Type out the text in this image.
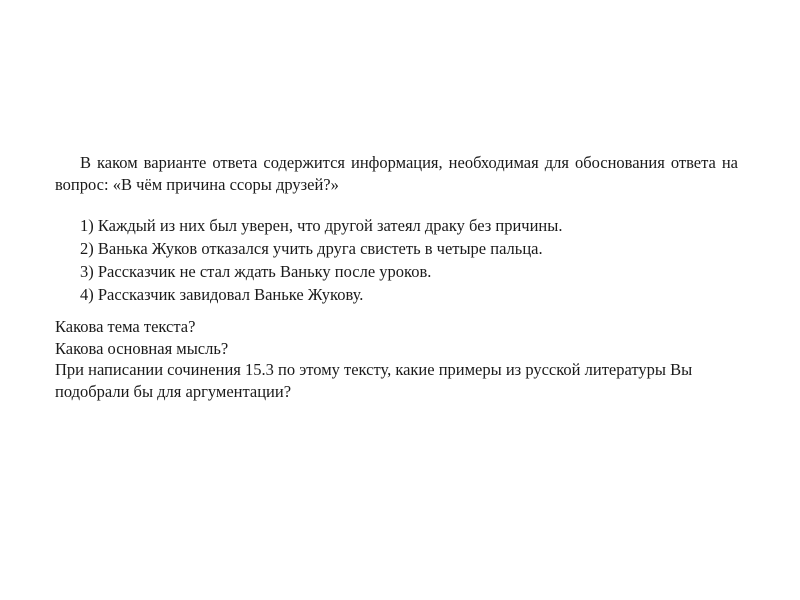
В каком варианте ответа содержится информация, необходимая для обоснования ответа на вопрос: «В чём причина ссоры друзей?»

1) Каждый из них был уверен, что другой затеял драку без причины.
2) Ванька Жуков отказался учить друга свистеть в четыре пальца.
3) Рассказчик не стал ждать Ваньку после уроков.
4) Рассказчик завидовал Ваньке Жукову.

Какова тема текста?

Какова основная мысль?

При написании сочинения 15.3 по этому тексту, какие примеры из русской литературы Вы подобрали бы для аргументации?
